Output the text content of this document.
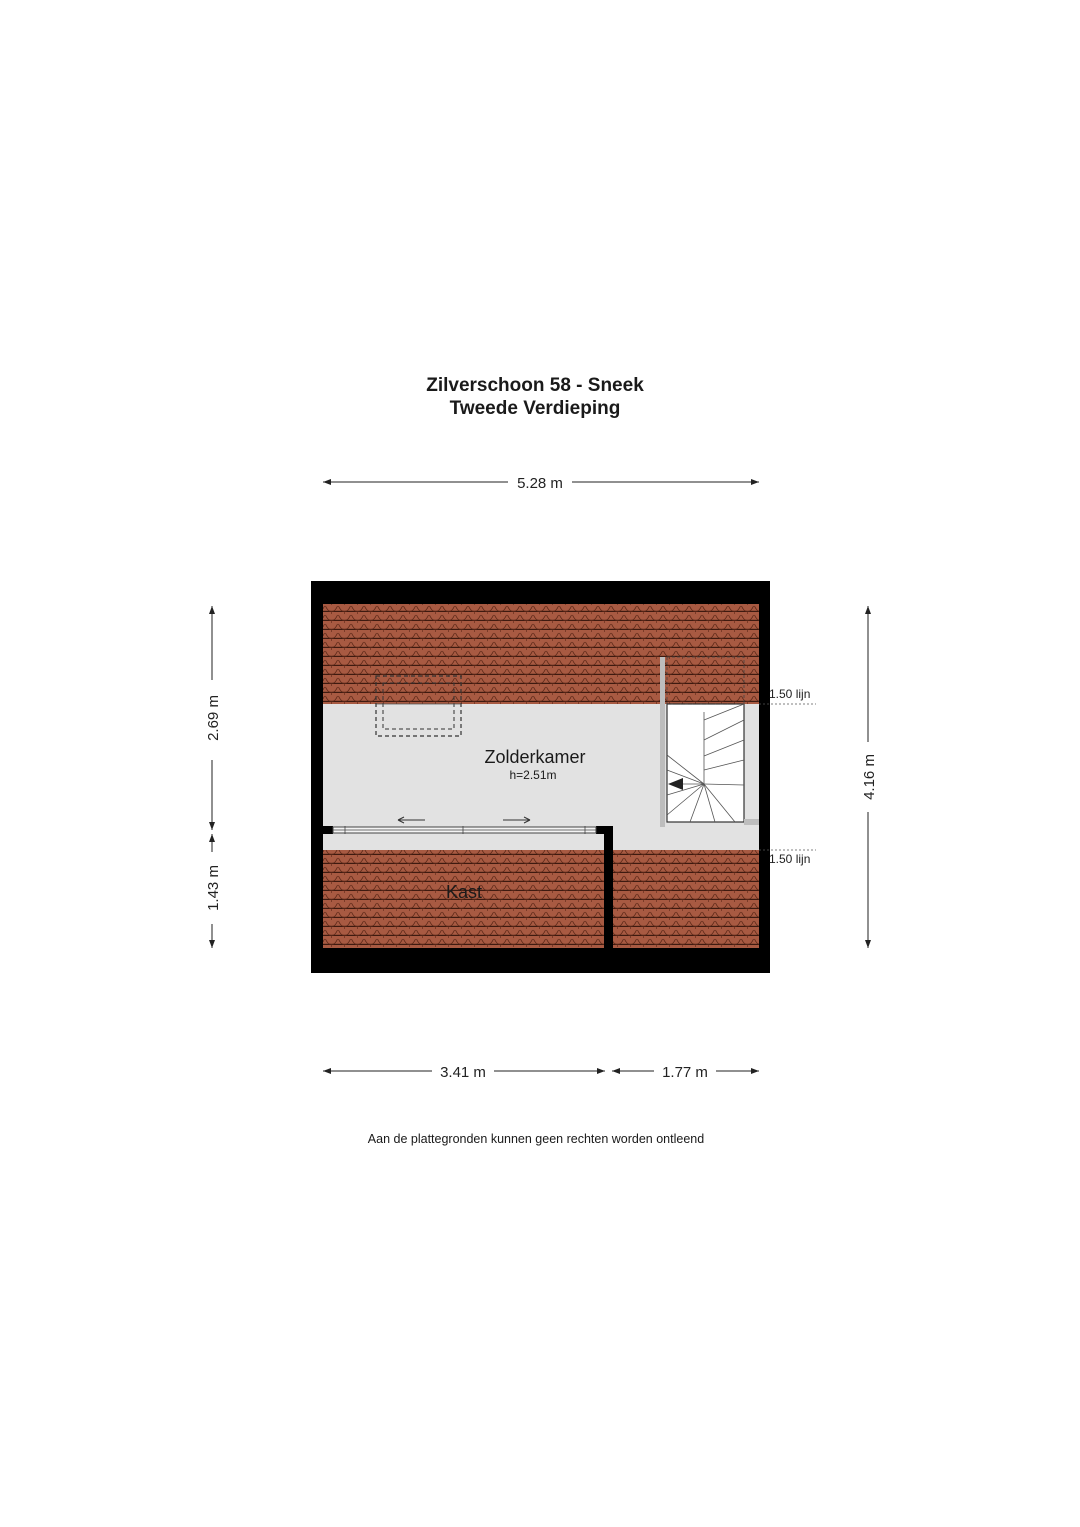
Zilverschoon 58 - Sneek
Tweede Verdieping
1.50 lijn
1.50 lijn
Zolderkamer
h=2.51m
Kast
5.28 m
2.69 m
1.43 m
4.16 m
3.41 m	1.77 m
Aan de plattegronden kunnen geen rechten worden ontleend
